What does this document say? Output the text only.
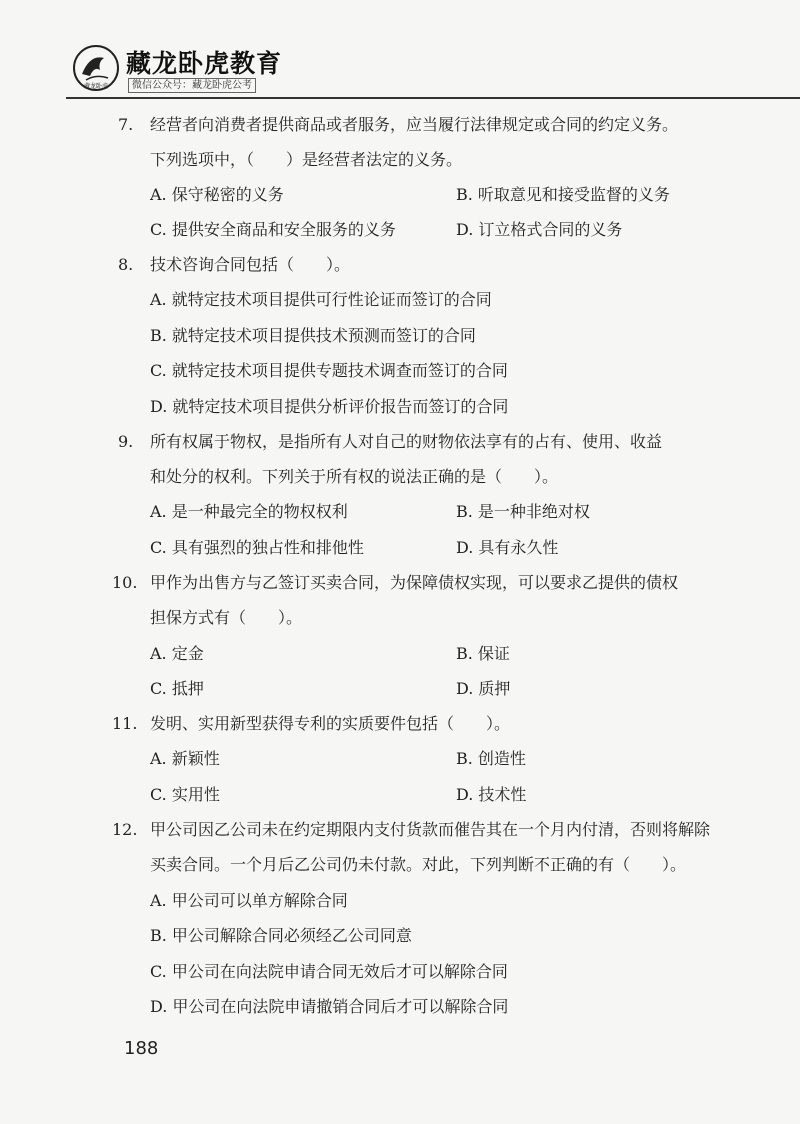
藏龙卧虎
藏龙卧虎教育
微信公众号：藏龙卧虎公考
7. 经营者向消费者提供商品或者服务，应当履行法律规定或合同的约定义务。
下列选项中，（　　）是经营者法定的义务。
A. 保守秘密的义务	B. 听取意见和接受监督的义务
C. 提供安全商品和安全服务的义务	D. 订立格式合同的义务
8. 技术咨询合同包括（　　）。
A. 就特定技术项目提供可行性论证而签订的合同
B. 就特定技术项目提供技术预测而签订的合同
C. 就特定技术项目提供专题技术调查而签订的合同
D. 就特定技术项目提供分析评价报告而签订的合同
9. 所有权属于物权，是指所有人对自己的财物依法享有的占有、使用、收益
和处分的权利。下列关于所有权的说法正确的是（　　）。
A. 是一种最完全的物权权利	B. 是一种非绝对权
C. 具有强烈的独占性和排他性	D. 具有永久性
10. 甲作为出售方与乙签订买卖合同，为保障债权实现，可以要求乙提供的债权
担保方式有（　　）。
A. 定金	B. 保证
C. 抵押	D. 质押
11. 发明、实用新型获得专利的实质要件包括（　　）。
A. 新颖性	B. 创造性
C. 实用性	D. 技术性
12. 甲公司因乙公司未在约定期限内支付货款而催告其在一个月内付清，否则将解除
买卖合同。一个月后乙公司仍未付款。对此，下列判断不正确的有（　　）。
A. 甲公司可以单方解除合同
B. 甲公司解除合同必须经乙公司同意
C. 甲公司在向法院申请合同无效后才可以解除合同
D. 甲公司在向法院申请撤销合同后才可以解除合同
188
